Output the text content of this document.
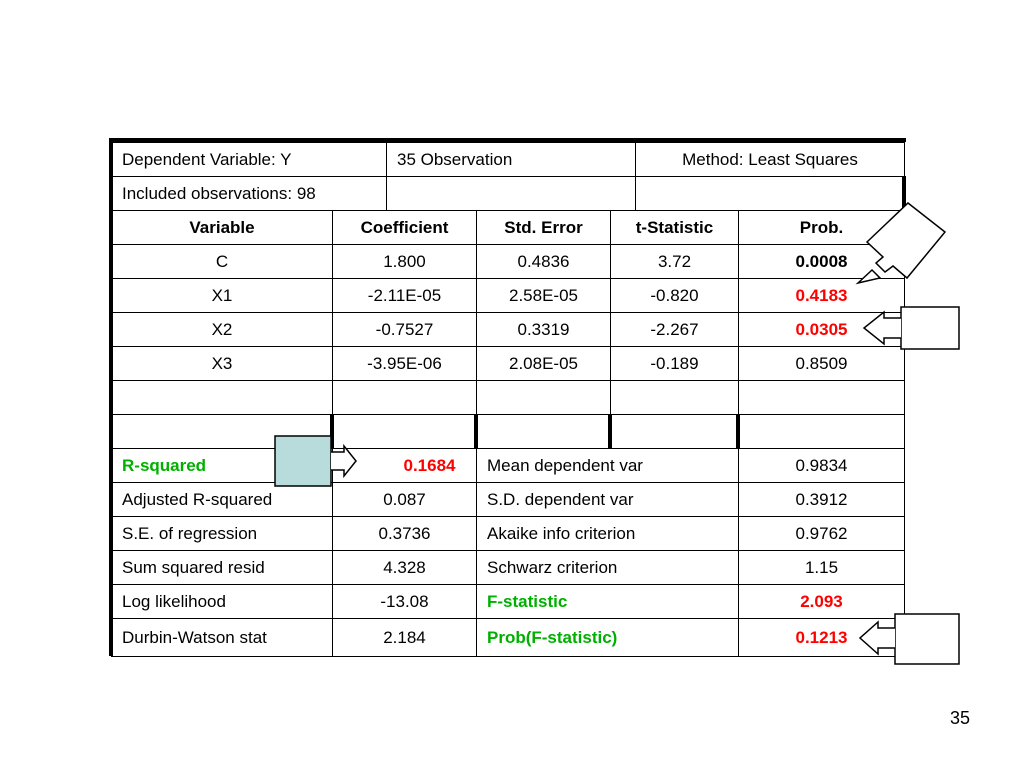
Dependent Variable: Y	35 Observation	Method: Least Squares
Included observations: 98
Variable	Coefficient	Std. Error	t-Statistic	Prob.
C	1.800	0.4836	3.72	0.0008
X1	-2.11E-05	2.58E-05	-0.820	0.4183
X2	-0.7527	0.3319	-2.267	0.0305
X3	-3.95E-06	2.08E-05	-0.189	0.8509
R-squared	0.1684	Mean dependent var	0.9834
Adjusted R-squared	0.087	S.D. dependent var	0.3912
S.E. of regression	0.3736	Akaike info criterion	0.9762
Sum squared resid	4.328	Schwarz criterion	1.15
Log likelihood	-13.08	F-statistic	2.093
Durbin-Watson stat	2.184	Prob(F-statistic)	0.1213
35
